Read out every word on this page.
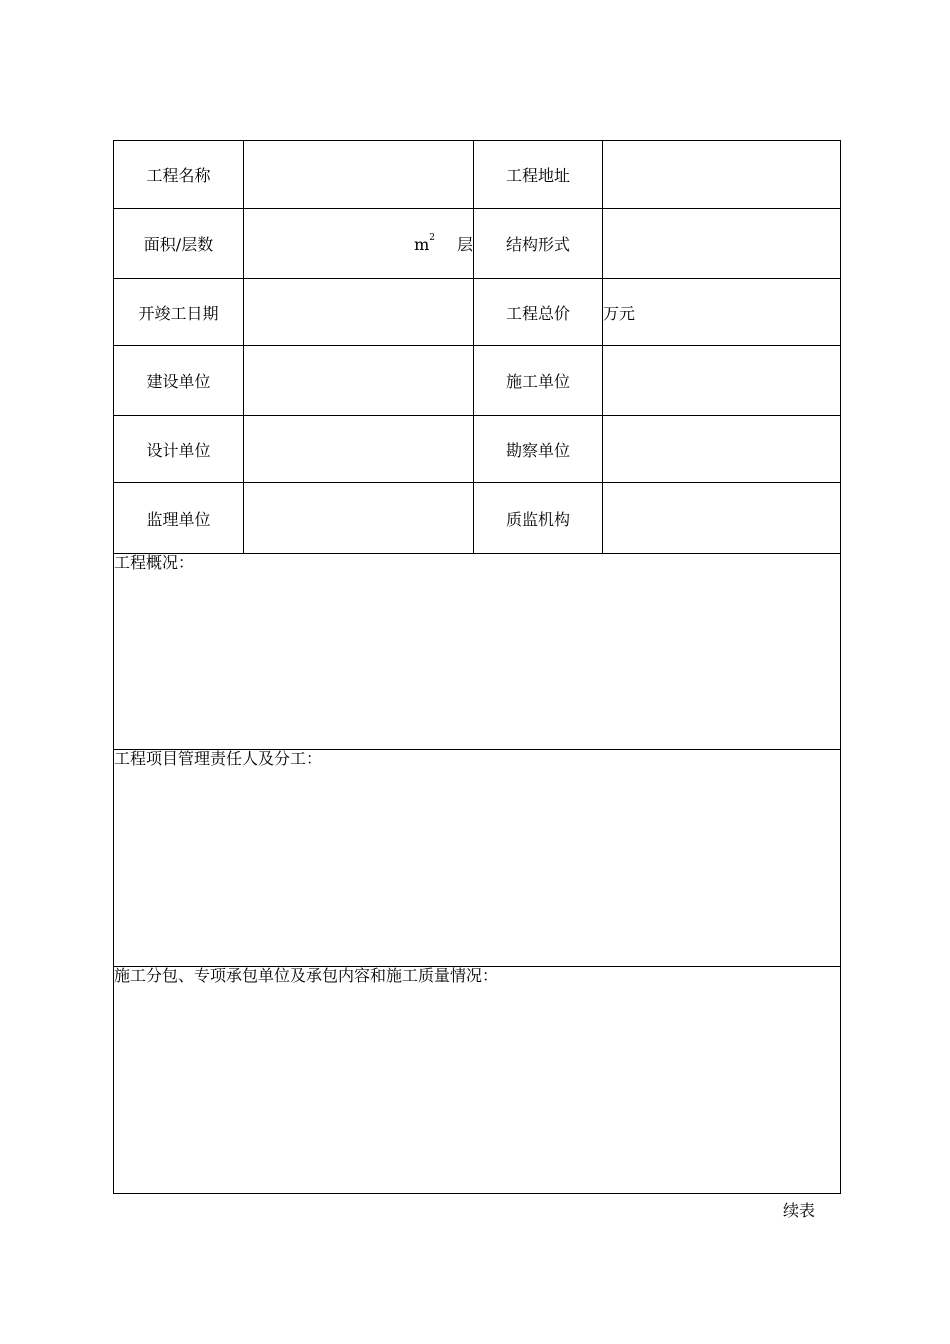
工程名称		工程地址	
面积/层数	$m^2$ 层	结构形式	
开竣工日期		工程总价	万元
建设单位		施工单位	
设计单位		勘察单位	
监理单位		质监机构	
工程概况：			
工程项目管理责任人及分工：			
施工分包、专项承包单位及承包内容和施工质量情况：			
续表
